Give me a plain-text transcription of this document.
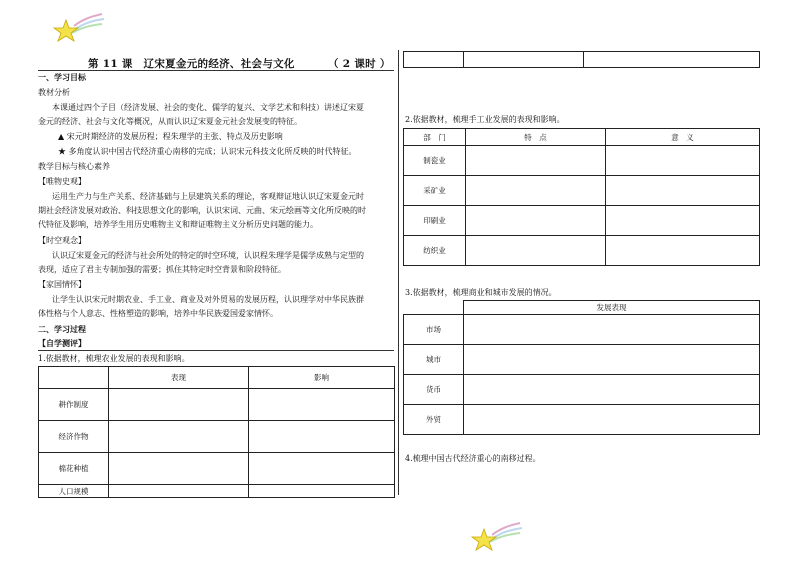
第 11 课　辽宋夏金元的经济、社会与文化	（ 2 课时 ）
一、学习目标
教材分析
本课通过四个子目（经济发展、社会的变化、儒学的复兴、文学艺术和科技）讲述辽宋夏
金元的经济、社会与文化等概况，从而认识辽宋夏金元社会发展变的特征。
▲ 宋元时期经济的发展历程；程朱理学的主张、特点及历史影响
★ 多角度认识中国古代经济重心南移的完成；认识宋元科技文化所反映的时代特征。
教学目标与核心素养
【唯物史观】
运用生产力与生产关系、经济基础与上层建筑关系的理论，客观辩证地认识辽宋夏金元时
期社会经济发展对政治、科技思想文化的影响，认识宋词、元曲、宋元绘画等文化所反映的时
代特征及影响，培养学生用历史唯物主义和辩证唯物主义分析历史问题的能力。
【时空观念】
认识辽宋夏金元的经济与社会所处的特定的时空环境，认识程朱理学是儒学成熟与定型的
表现，适应了君主专制加强的需要；抓住其特定时空背景和阶段特征。
【家国情怀】
让学生认识宋元时期农业、手工业、商业及对外贸易的发展历程，认识理学对中华民族群
体性格与个人意志、性格塑造的影响，培养中华民族爱国爱家情怀。
二、学习过程
【自学测评】
1.依据教材，梳理农业发展的表现和影响。
	表现	影响
耕作制度		
经济作物		
棉花种植		
人口规模		

2.依据教材，梳理手工业发展的表现和影响。
部　门	特　点	意　义
制瓷业		
采矿业		
印刷业		
纺织业		
3.依据教材，梳理商业和城市发展的情况。
	发展表现
市场	
城市	
货币	
外贸	
4.梳理中国古代经济重心的南移过程。
